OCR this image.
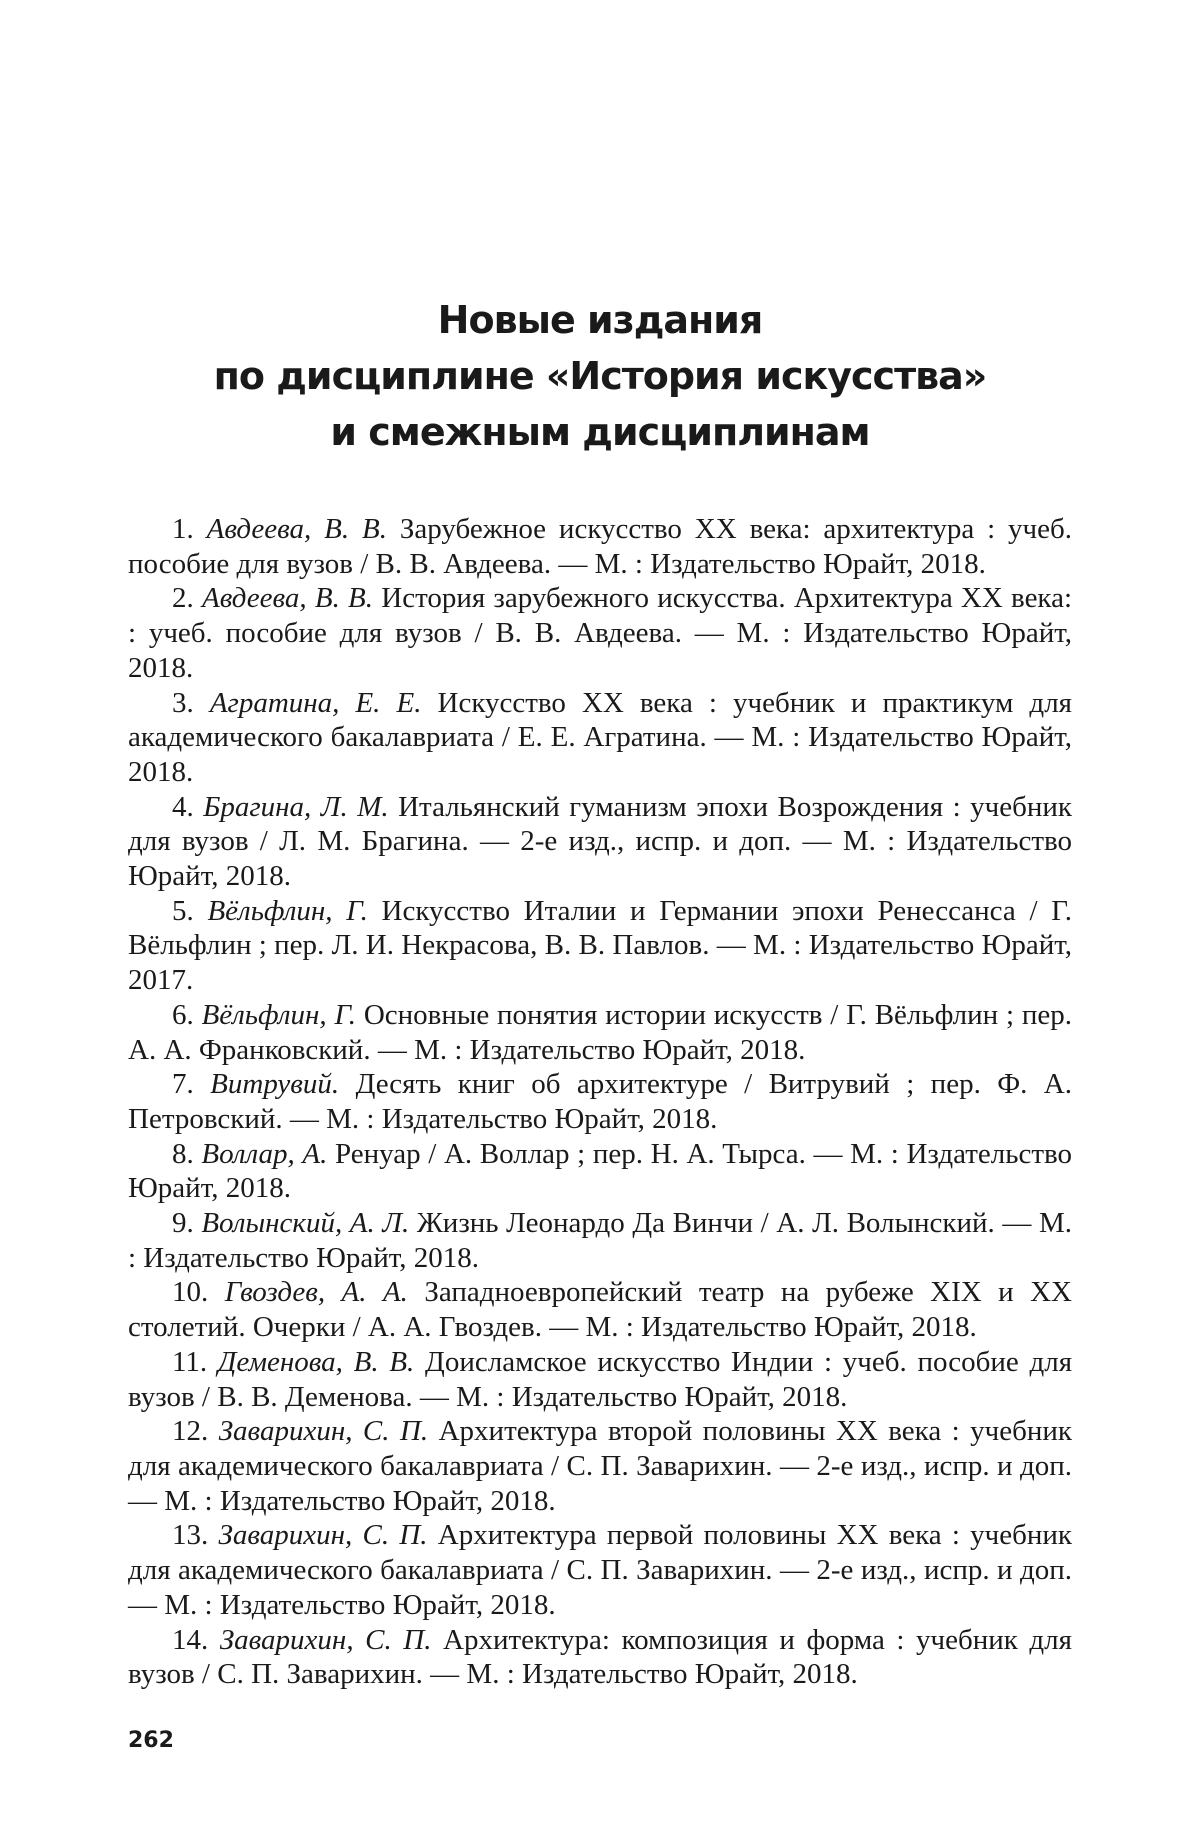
Новые издания
по дисциплине «История искусства»
и смежным дисциплинам

1. Авдеева, В. В. Зарубежное искусство XX века: архитектура : учеб. пособие для вузов / В. В. Авдеева. — М. : Издательство Юрайт, 2018.

2. Авдеева, В. В. История зарубежного искусства. Архитектура XX века: : учеб. пособие для вузов / В. В. Авдеева. — М. : Издательство Юрайт, 2018.

3. Агратина, Е. Е. Искусство XX века : учебник и практикум для академического бакалавриата / Е. Е. Агратина. — М. : Издательство Юрайт, 2018.

4. Брагина, Л. М. Итальянский гуманизм эпохи Возрождения : учебник для вузов / Л. М. Брагина. — 2-е изд., испр. и доп. — М. : Издательство Юрайт, 2018.

5. Вёльфлин, Г. Искусство Италии и Германии эпохи Ренессанса / Г. Вёльфлин ; пер. Л. И. Некрасова, В. В. Павлов. — М. : Издательство Юрайт, 2017.

6. Вёльфлин, Г. Основные понятия истории искусств / Г. Вёльфлин ; пер. А. А. Франковский. — М. : Издательство Юрайт, 2018.

7. Витрувий. Десять книг об архитектуре / Витрувий ; пер. Ф. А. Петровский. — М. : Издательство Юрайт, 2018.

8. Воллар, А. Ренуар / А. Воллар ; пер. Н. А. Тырса. — М. : Издательство Юрайт, 2018.

9. Волынский, А. Л. Жизнь Леонардо Да Винчи / А. Л. Волынский. — М. : Издательство Юрайт, 2018.

10. Гвоздев, А. А. Западноевропейский театр на рубеже XIX и XX столетий. Очерки / А. А. Гвоздев. — М. : Издательство Юрайт, 2018.

11. Деменова, В. В. Доисламское искусство Индии : учеб. пособие для вузов / В. В. Деменова. — М. : Издательство Юрайт, 2018.

12. Заварихин, С. П. Архитектура второй половины XX века : учебник для академического бакалавриата / С. П. Заварихин. — 2-е изд., испр. и доп. — М. : Издательство Юрайт, 2018.

13. Заварихин, С. П. Архитектура первой половины XX века : учебник для академического бакалавриата / С. П. Заварихин. — 2-е изд., испр. и доп. — М. : Издательство Юрайт, 2018.

14. Заварихин, С. П. Архитектура: композиция и форма : учебник для вузов / С. П. Заварихин. — М. : Издательство Юрайт, 2018.

262
